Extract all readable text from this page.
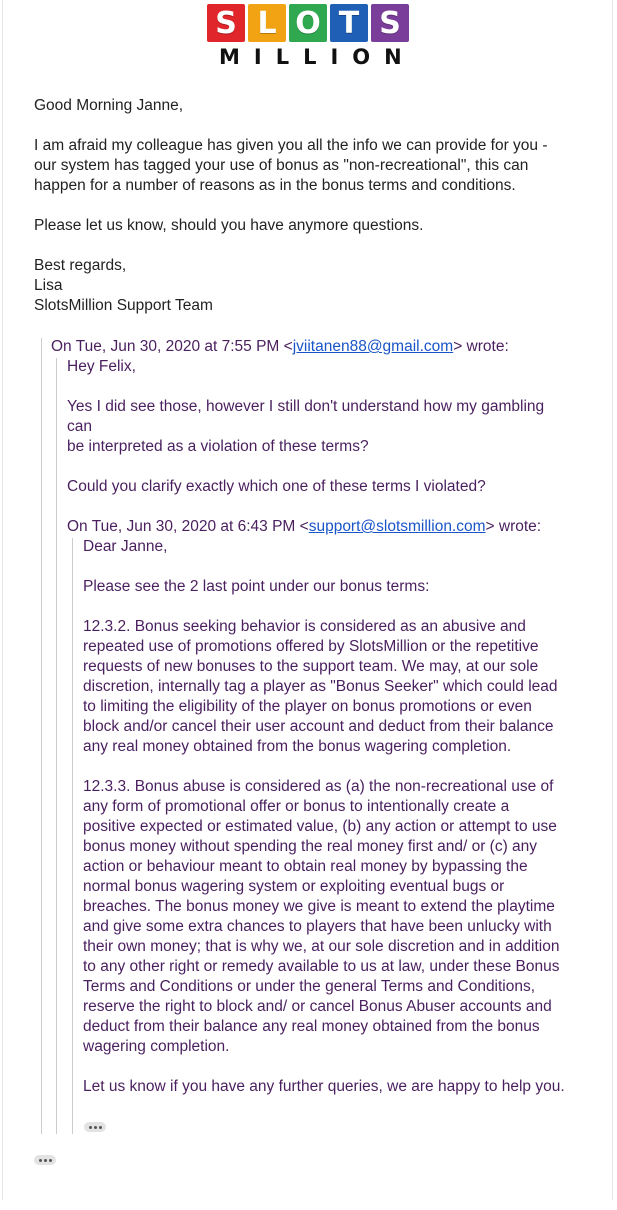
S L O T S
MILLION
Good Morning Janne,
I am afraid my colleague has given you all the info we can provide for you -
our system has tagged your use of bonus as "non-recreational", this can
happen for a number of reasons as in the bonus terms and conditions.
Please let us know, should you have anymore questions.
Best regards,
Lisa
SlotsMillion Support Team
On Tue, Jun 30, 2020 at 7:55 PM <jviitanen88@gmail.com> wrote:
Hey Felix,
Yes I did see those, however I still don't understand how my gambling
can
be interpreted as a violation of these terms?
Could you clarify exactly which one of these terms I violated?
On Tue, Jun 30, 2020 at 6:43 PM <support@slotsmillion.com> wrote:
Dear Janne,
Please see the 2 last point under our bonus terms:
12.3.2. Bonus seeking behavior is considered as an abusive and
repeated use of promotions offered by SlotsMillion or the repetitive
requests of new bonuses to the support team. We may, at our sole
discretion, internally tag a player as "Bonus Seeker" which could lead
to limiting the eligibility of the player on bonus promotions or even
block and/or cancel their user account and deduct from their balance
any real money obtained from the bonus wagering completion.
12.3.3. Bonus abuse is considered as (a) the non-recreational use of
any form of promotional offer or bonus to intentionally create a
positive expected or estimated value, (b) any action or attempt to use
bonus money without spending the real money first and/ or (c) any
action or behaviour meant to obtain real money by bypassing the
normal bonus wagering system or exploiting eventual bugs or
breaches. The bonus money we give is meant to extend the playtime
and give some extra chances to players that have been unlucky with
their own money; that is why we, at our sole discretion and in addition
to any other right or remedy available to us at law, under these Bonus
Terms and Conditions or under the general Terms and Conditions,
reserve the right to block and/ or cancel Bonus Abuser accounts and
deduct from their balance any real money obtained from the bonus
wagering completion.
Let us know if you have any further queries, we are happy to help you.
